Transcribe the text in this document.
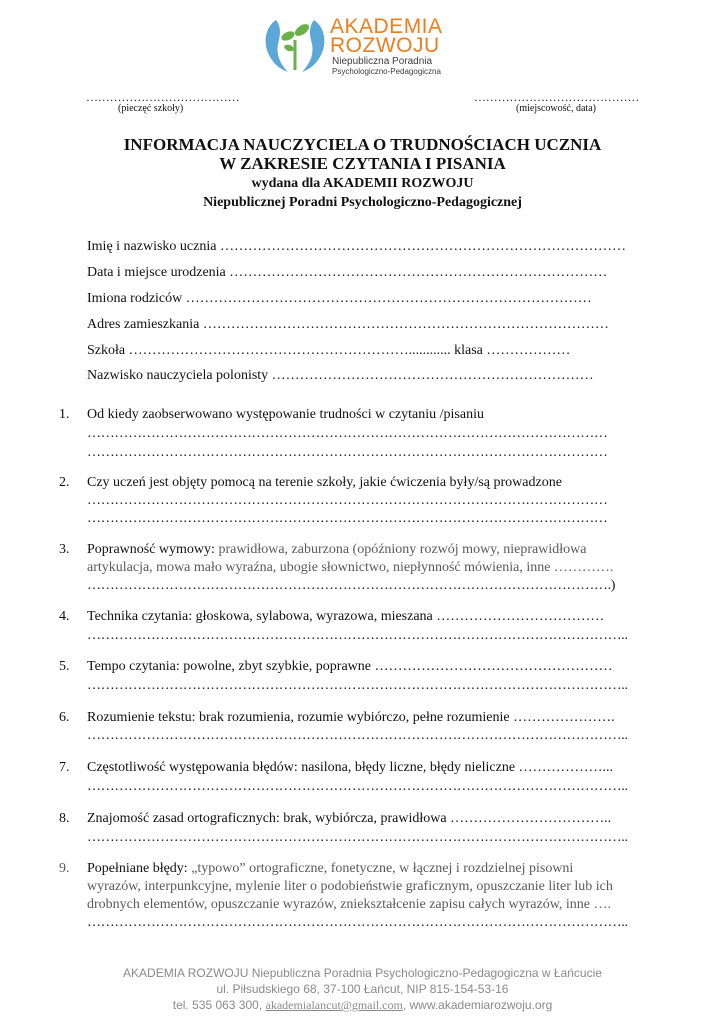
AKADEMIA
ROZWOJU
Niepubliczna Poradnia
Psychologiczno-Pedagogiczna
…………………………………
(pieczęć szkoły)
……………………………………
(miejscowość, data)
INFORMACJA NAUCZYCIELA O TRUDNOŚCIACH UCZNIA
W ZAKRESIE CZYTANIA I PISANIA
wydana dla AKADEMII ROZWOJU
Niepublicznej Poradni Psychologiczno-Pedagogicznej
Imię i nazwisko ucznia ……………………………………………………………………………
Data i miejsce urodzenia ………………………………………………………………………
Imiona rodziców ……………………………………………………………………………
Adres zamieszkania ……………………………………………………………………………
Szkoła ……………………………………………………............ klasa ………………
Nazwisko nauczyciela polonisty ……………………………………………………………
1. Od kiedy zaobserwowano występowanie trudności w czytaniu /pisaniu
……………………………………………………………………………………………………
……………………………………………………………………………………………………
2. Czy uczeń jest objęty pomocą na terenie szkoły, jakie ćwiczenia były/są prowadzone
……………………………………………………………………………………………………
……………………………………………………………………………………………………
3. Poprawność wymowy: prawidłowa, zaburzona (opóźniony rozwój mowy, nieprawidłowa
artykulacja, mowa mało wyraźna, ubogie słownictwo, niepłynność mówienia, inne ………….
…………………………………………………………………………………………………….)
4. Technika czytania: głoskowa, sylabowa, wyrazowa, mieszana ………………………………
………………………………………………………………………………………………………..
5. Tempo czytania: powolne, zbyt szybkie, poprawne ……………………………………………
………………………………………………………………………………………………………..
6. Rozumienie tekstu: brak rozumienia, rozumie wybiórczo, pełne rozumienie ………………….
………………………………………………………………………………………………………..
7. Częstotliwość występowania błędów: nasilona, błędy liczne, błędy nieliczne ………………...
………………………………………………………………………………………………………..
8. Znajomość zasad ortograficznych: brak, wybiórcza, prawidłowa ……………………………..
………………………………………………………………………………………………………..
9. Popełniane błędy: „typowo” ortograficzne, fonetyczne, w łącznej i rozdzielnej pisowni
wyrazów, interpunkcyjne, mylenie liter o podobieństwie graficznym, opuszczanie liter lub ich
drobnych elementów, opuszczanie wyrazów, zniekształcenie zapisu całych wyrazów, inne ….
………………………………………………………………………………………………………..
AKADEMIA ROZWOJU Niepubliczna Poradnia Psychologiczno-Pedagogiczna w Łańcucie
ul. Piłsudskiego 68, 37-100 Łańcut, NIP 815-154-53-16
tel. 535 063 300, akademialancut@gmail.com, www.akademiarozwoju.org
